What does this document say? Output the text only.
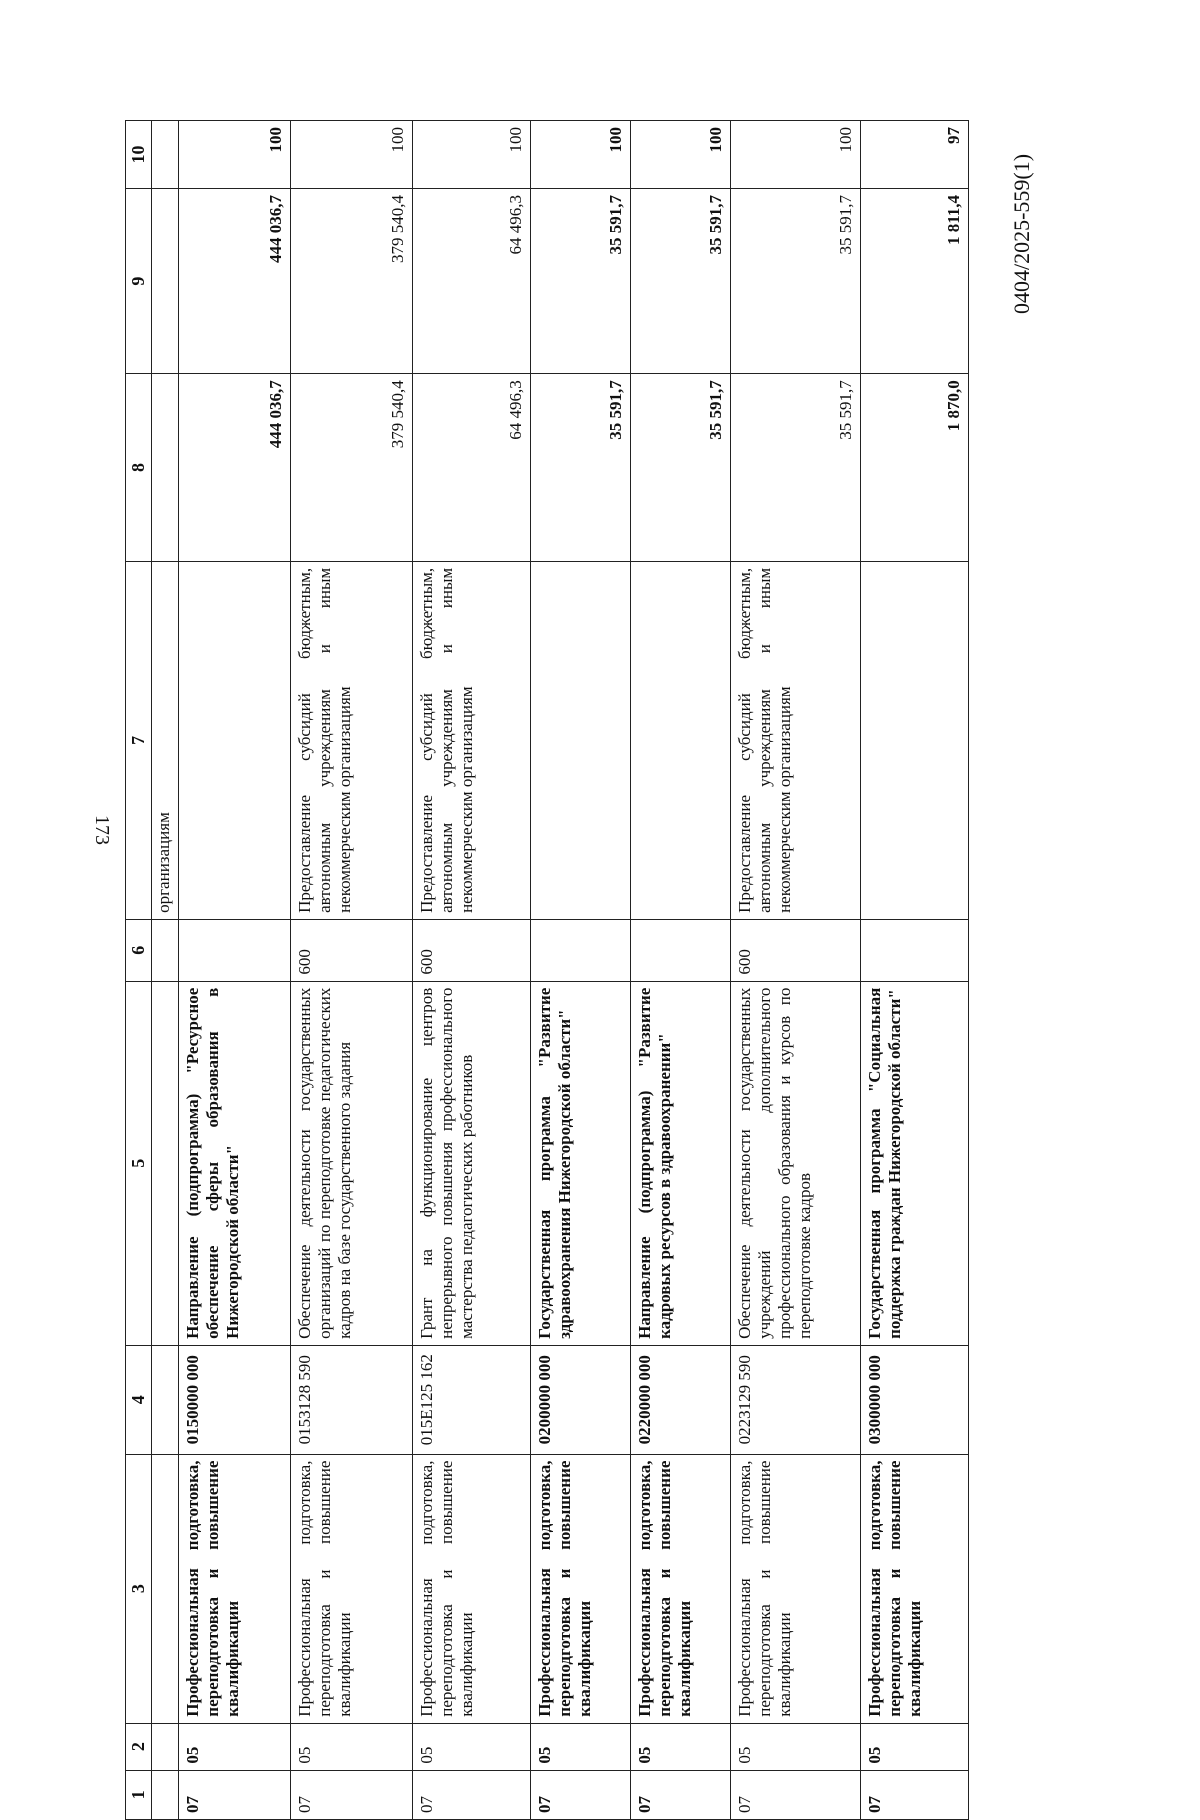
173
0404/2025-559(1)
1	2	3	4	5	6	7	8	9	10
						организациям			
07	05	Профессиональная подготовка, переподготовка и повышение квалификации	0150000 000	Направление (подпрограмма) "Ресурсное обеспечение сферы образования в Нижегородской области"			444 036,7	444 036,7	100
07	05	Профессиональная подготовка, переподготовка и повышение квалификации	0153128 590	Обеспечение деятельности государственных организаций по переподготовке педагогических кадров на базе государственного задания	600	Предоставление субсидий бюджетным, автономным учреждениям и иным некоммерческим организациям	379 540,4	379 540,4	100
07	05	Профессиональная подготовка, переподготовка и повышение квалификации	015E125 162	Грант на функционирование центров непрерывного повышения профессионального мастерства педагогических работников	600	Предоставление субсидий бюджетным, автономным учреждениям и иным некоммерческим организациям	64 496,3	64 496,3	100
07	05	Профессиональная подготовка, переподготовка и повышение квалификации	0200000 000	Государственная программа "Развитие здравоохранения Нижегородской области"			35 591,7	35 591,7	100
07	05	Профессиональная подготовка, переподготовка и повышение квалификации	0220000 000	Направление (подпрограмма) "Развитие кадровых ресурсов в здравоохранении"			35 591,7	35 591,7	100
07	05	Профессиональная подготовка, переподготовка и повышение квалификации	0223129 590	Обеспечение деятельности государственных учреждений дополнительного профессионального образования и курсов по переподготовке кадров	600	Предоставление субсидий бюджетным, автономным учреждениям и иным некоммерческим организациям	35 591,7	35 591,7	100
07	05	Профессиональная подготовка, переподготовка и повышение квалификации	0300000 000	Государственная программа "Социальная поддержка граждан Нижегородской области"			1 870,0	1 811,4	97
